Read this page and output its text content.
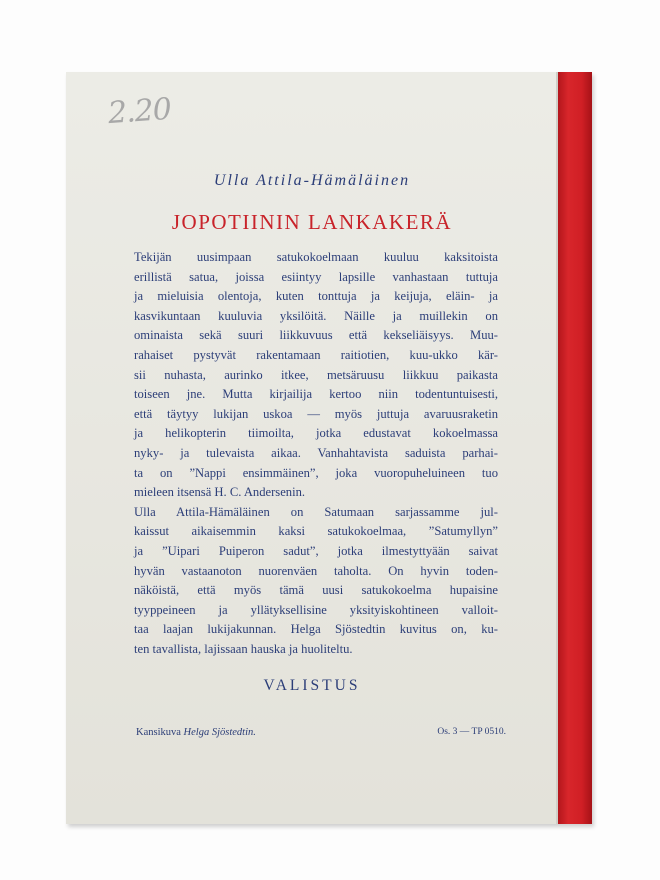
2.20
Ulla Attila-Hämäläinen
JOPOTIININ LANKAKERÄ
Tekijän uusimpaan satukokoelmaan kuuluu kaksitoista
erillistä satua, joissa esiintyy lapsille vanhastaan tuttuja
ja mieluisia olentoja, kuten tonttuja ja keijuja, eläin- ja
kasvikuntaan kuuluvia yksilöitä. Näille ja muillekin on
ominaista sekä suuri liikkuvuus että kekseliäisyys. Muu-
rahaiset pystyvät rakentamaan raitiotien, kuu-ukko kär-
sii nuhasta, aurinko itkee, metsäruusu liikkuu paikasta
toiseen jne. Mutta kirjailija kertoo niin todentuntuisesti,
että täytyy lukijan uskoa — myös juttuja avaruusraketin
ja helikopterin tiimoilta, jotka edustavat kokoelmassa
nyky- ja tulevaista aikaa. Vanhahtavista saduista parhai-
ta on ”Nappi ensimmäinen”, joka vuoropuheluineen tuo
mieleen itsensä H. C. Andersenin.
Ulla Attila-Hämäläinen on Satumaan sarjassamme jul-
kaissut aikaisemmin kaksi satukokoelmaa, ”Satumyllyn”
ja ”Uipari Puiperon sadut”, jotka ilmestyttyään saivat
hyvän vastaanoton nuorenväen taholta. On hyvin toden-
näköistä, että myös tämä uusi satukokoelma hupaisine
tyyppeineen ja yllätyksellisine yksityiskohtineen valloit-
taa laajan lukijakunnan. Helga Sjöstedtin kuvitus on, ku-
ten tavallista, lajissaan hauska ja huoliteltu.
VALISTUS
Kansikuva Helga Sjöstedtin.	Os. 3 — TP 0510.
